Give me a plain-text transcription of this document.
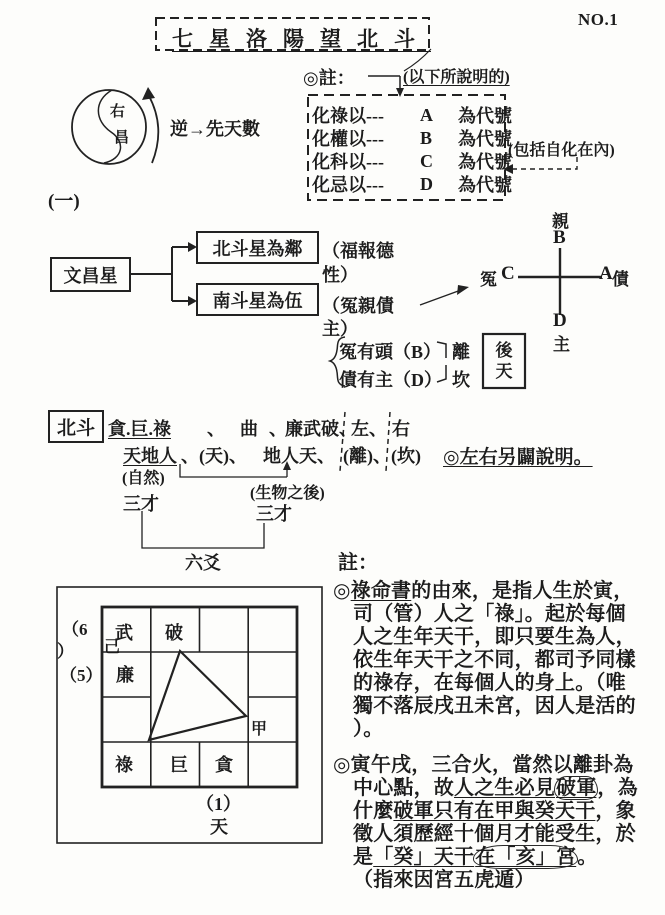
NO.1
七星洛陽望北斗
◎註：	(以下所說明的)
化祿以---	A	為代號
化權以---	B	為代號
化科以---	C	為代號
化忌以---	D	為代號
(包括自化在內)
右
昌 逆→先天數
(一)
文昌星
北斗星為鄰
南斗星為伍
（福報德
性）
（冤親債
主）
親
B
冤 C	A 債
D
主
冤有頭（B）
債有主（D）
離
坎
後
天
北斗 貪.巨.祿 、 曲 、
廉武破、
左、 右
天地人 、(天)、 地人天、 (離)、 (坎) ◎左右另闢說明。
(自然)
(生物之後)
三才	三才
六爻
武
己
破
廉
甲
祿 巨 貪
（6
）
（5）
（1）
天
註：
◎祿命書的由來，是指人生於寅，
司（管）人之「祿」。起於每個
人之生年天干，即只要生為人，
依生年天干之不同，都司予同樣
的祿存，在每個人的身上。（唯
獨不落辰戌丑未宮，因人是活的
）。
◎寅午戌，三合火，當然以離卦為
中心點，故人之生必見破軍，為
什麼破軍只有在甲與癸天干，象
徵人須歷經十個月才能受生，於
是「癸」天干在「亥」宮。
（指來因宮五虎遁）
